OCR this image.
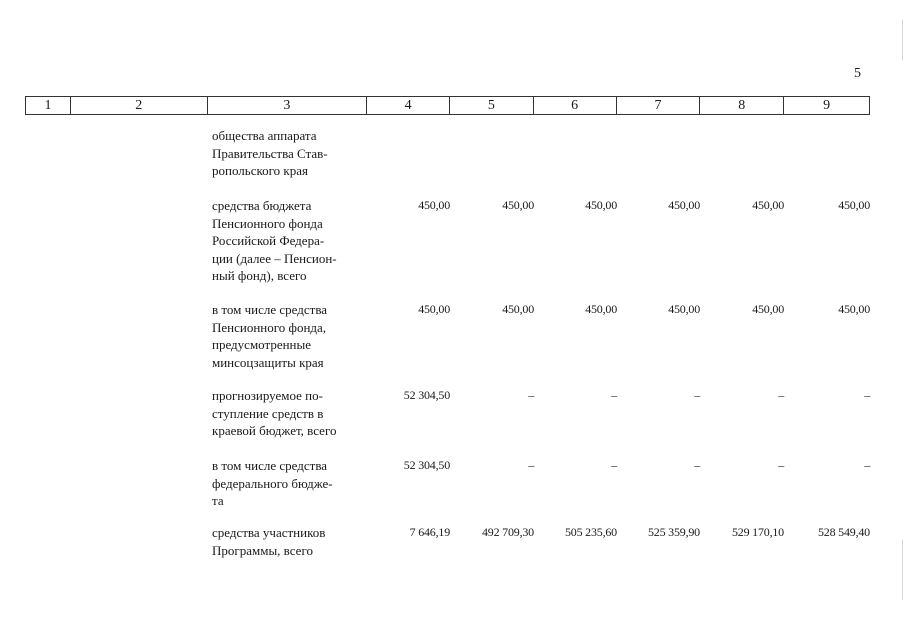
5
1	2	3	4	5	6	7	8	9
общества аппарата
Правительства Став-
ропольского края
средства бюджета
Пенсионного фонда
Российской Федера-
ции (далее – Пенсион-
ный фонд), всего
450,00	450,00	450,00	450,00	450,00	450,00
в том числе средства
Пенсионного фонда,
предусмотренные
минсоцзащиты края
450,00	450,00	450,00	450,00	450,00	450,00
прогнозируемое по-
ступление средств в
краевой бюджет, всего
52 304,50	–	–	–	–	–
в том числе средства
федерального бюдже-
та
52 304,50	–	–	–	–	–
средства участников
Программы, всего
7 646,19	492 709,30	505 235,60	525 359,90	529 170,10	528 549,40
